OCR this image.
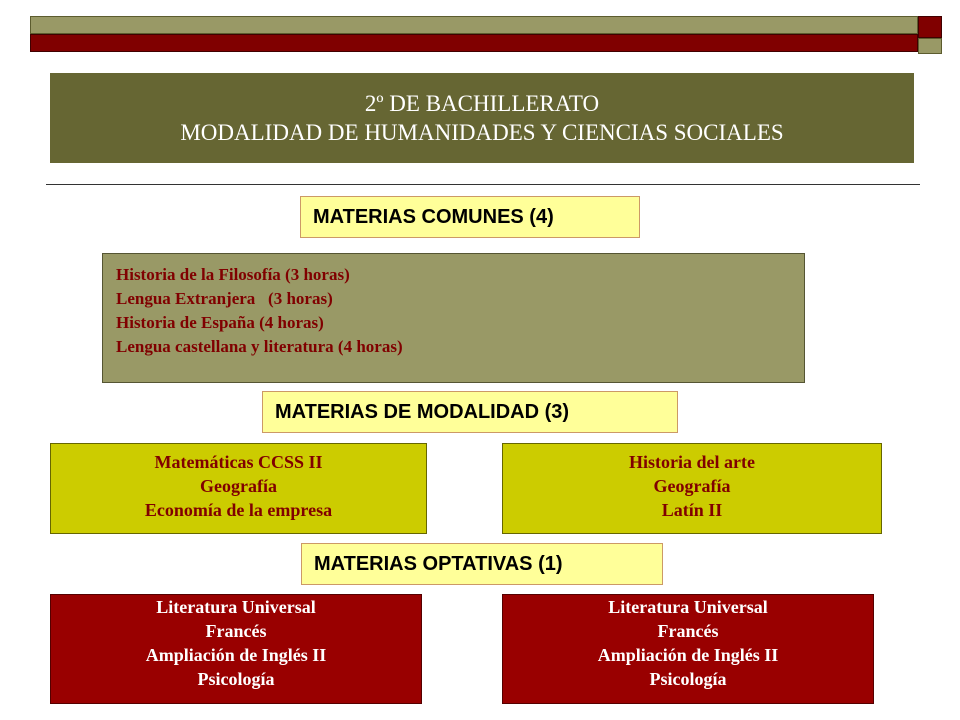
2º DE BACHILLERATO
MODALIDAD DE HUMANIDADES Y CIENCIAS SOCIALES
MATERIAS COMUNES (4)
Historia de la Filosofía (3 horas)
Lengua Extranjera   (3 horas)
Historia de España (4 horas)
Lengua castellana y literatura (4 horas)
MATERIAS DE MODALIDAD (3)
Matemáticas CCSS II
Geografía
Economía de la empresa
Historia del arte
Geografía
Latín II
MATERIAS OPTATIVAS (1)
Literatura Universal
Francés
Ampliación de Inglés II
Psicología
Literatura Universal
Francés
Ampliación de Inglés II
Psicología
